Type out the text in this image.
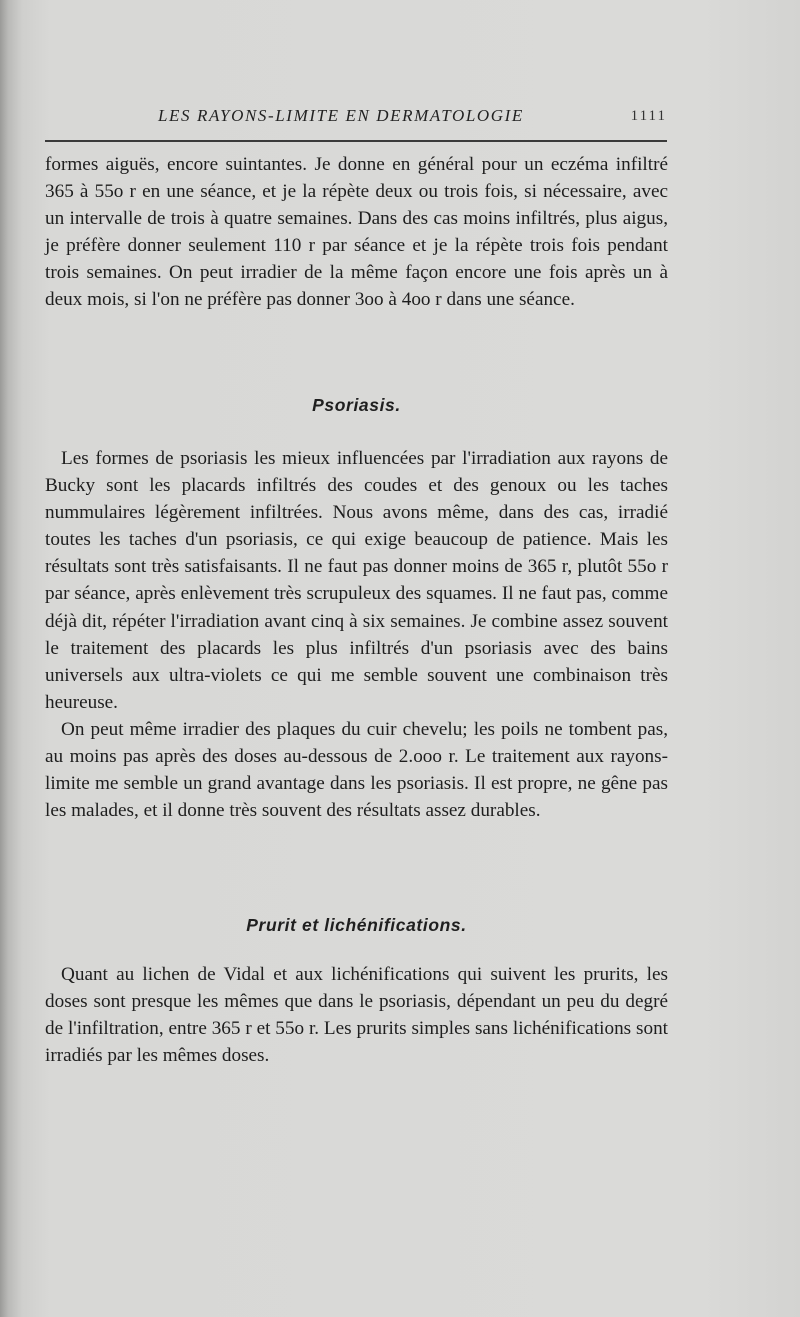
LES RAYONS-LIMITE EN DERMATOLOGIE	1111

formes aiguës, encore suintantes. Je donne en général pour un eczéma infiltré 365 à 55o r en une séance, et je la répète deux ou trois fois, si nécessaire, avec un intervalle de trois à quatre semaines. Dans des cas moins infiltrés, plus aigus, je préfère donner seulement 110 r par séance et je la répète trois fois pendant trois semaines. On peut irradier de la même façon encore une fois après un à deux mois, si l'on ne préfère pas donner 3oo à 4oo r dans une séance.

Psoriasis.

Les formes de psoriasis les mieux influencées par l'irradiation aux rayons de Bucky sont les placards infiltrés des coudes et des genoux ou les taches nummulaires légèrement infiltrées. Nous avons même, dans des cas, irradié toutes les taches d'un psoriasis, ce qui exige beaucoup de patience. Mais les résultats sont très satisfaisants. Il ne faut pas donner moins de 365 r, plutôt 55o r par séance, après enlèvement très scrupuleux des squames. Il ne faut pas, comme déjà dit, répéter l'irradiation avant cinq à six semaines. Je combine assez souvent le traitement des placards les plus infiltrés d'un psoriasis avec des bains universels aux ultra-violets ce qui me semble souvent une combinaison très heureuse.

On peut même irradier des plaques du cuir chevelu; les poils ne tombent pas, au moins pas après des doses au-dessous de 2.ooo r. Le traitement aux rayons-limite me semble un grand avantage dans les psoriasis. Il est propre, ne gêne pas les malades, et il donne très souvent des résultats assez durables.

Prurit et lichénifications.

Quant au lichen de Vidal et aux lichénifications qui suivent les prurits, les doses sont presque les mêmes que dans le psoriasis, dépendant un peu du degré de l'infiltration, entre 365 r et 55o r. Les prurits simples sans lichénifications sont irradiés par les mêmes doses.
